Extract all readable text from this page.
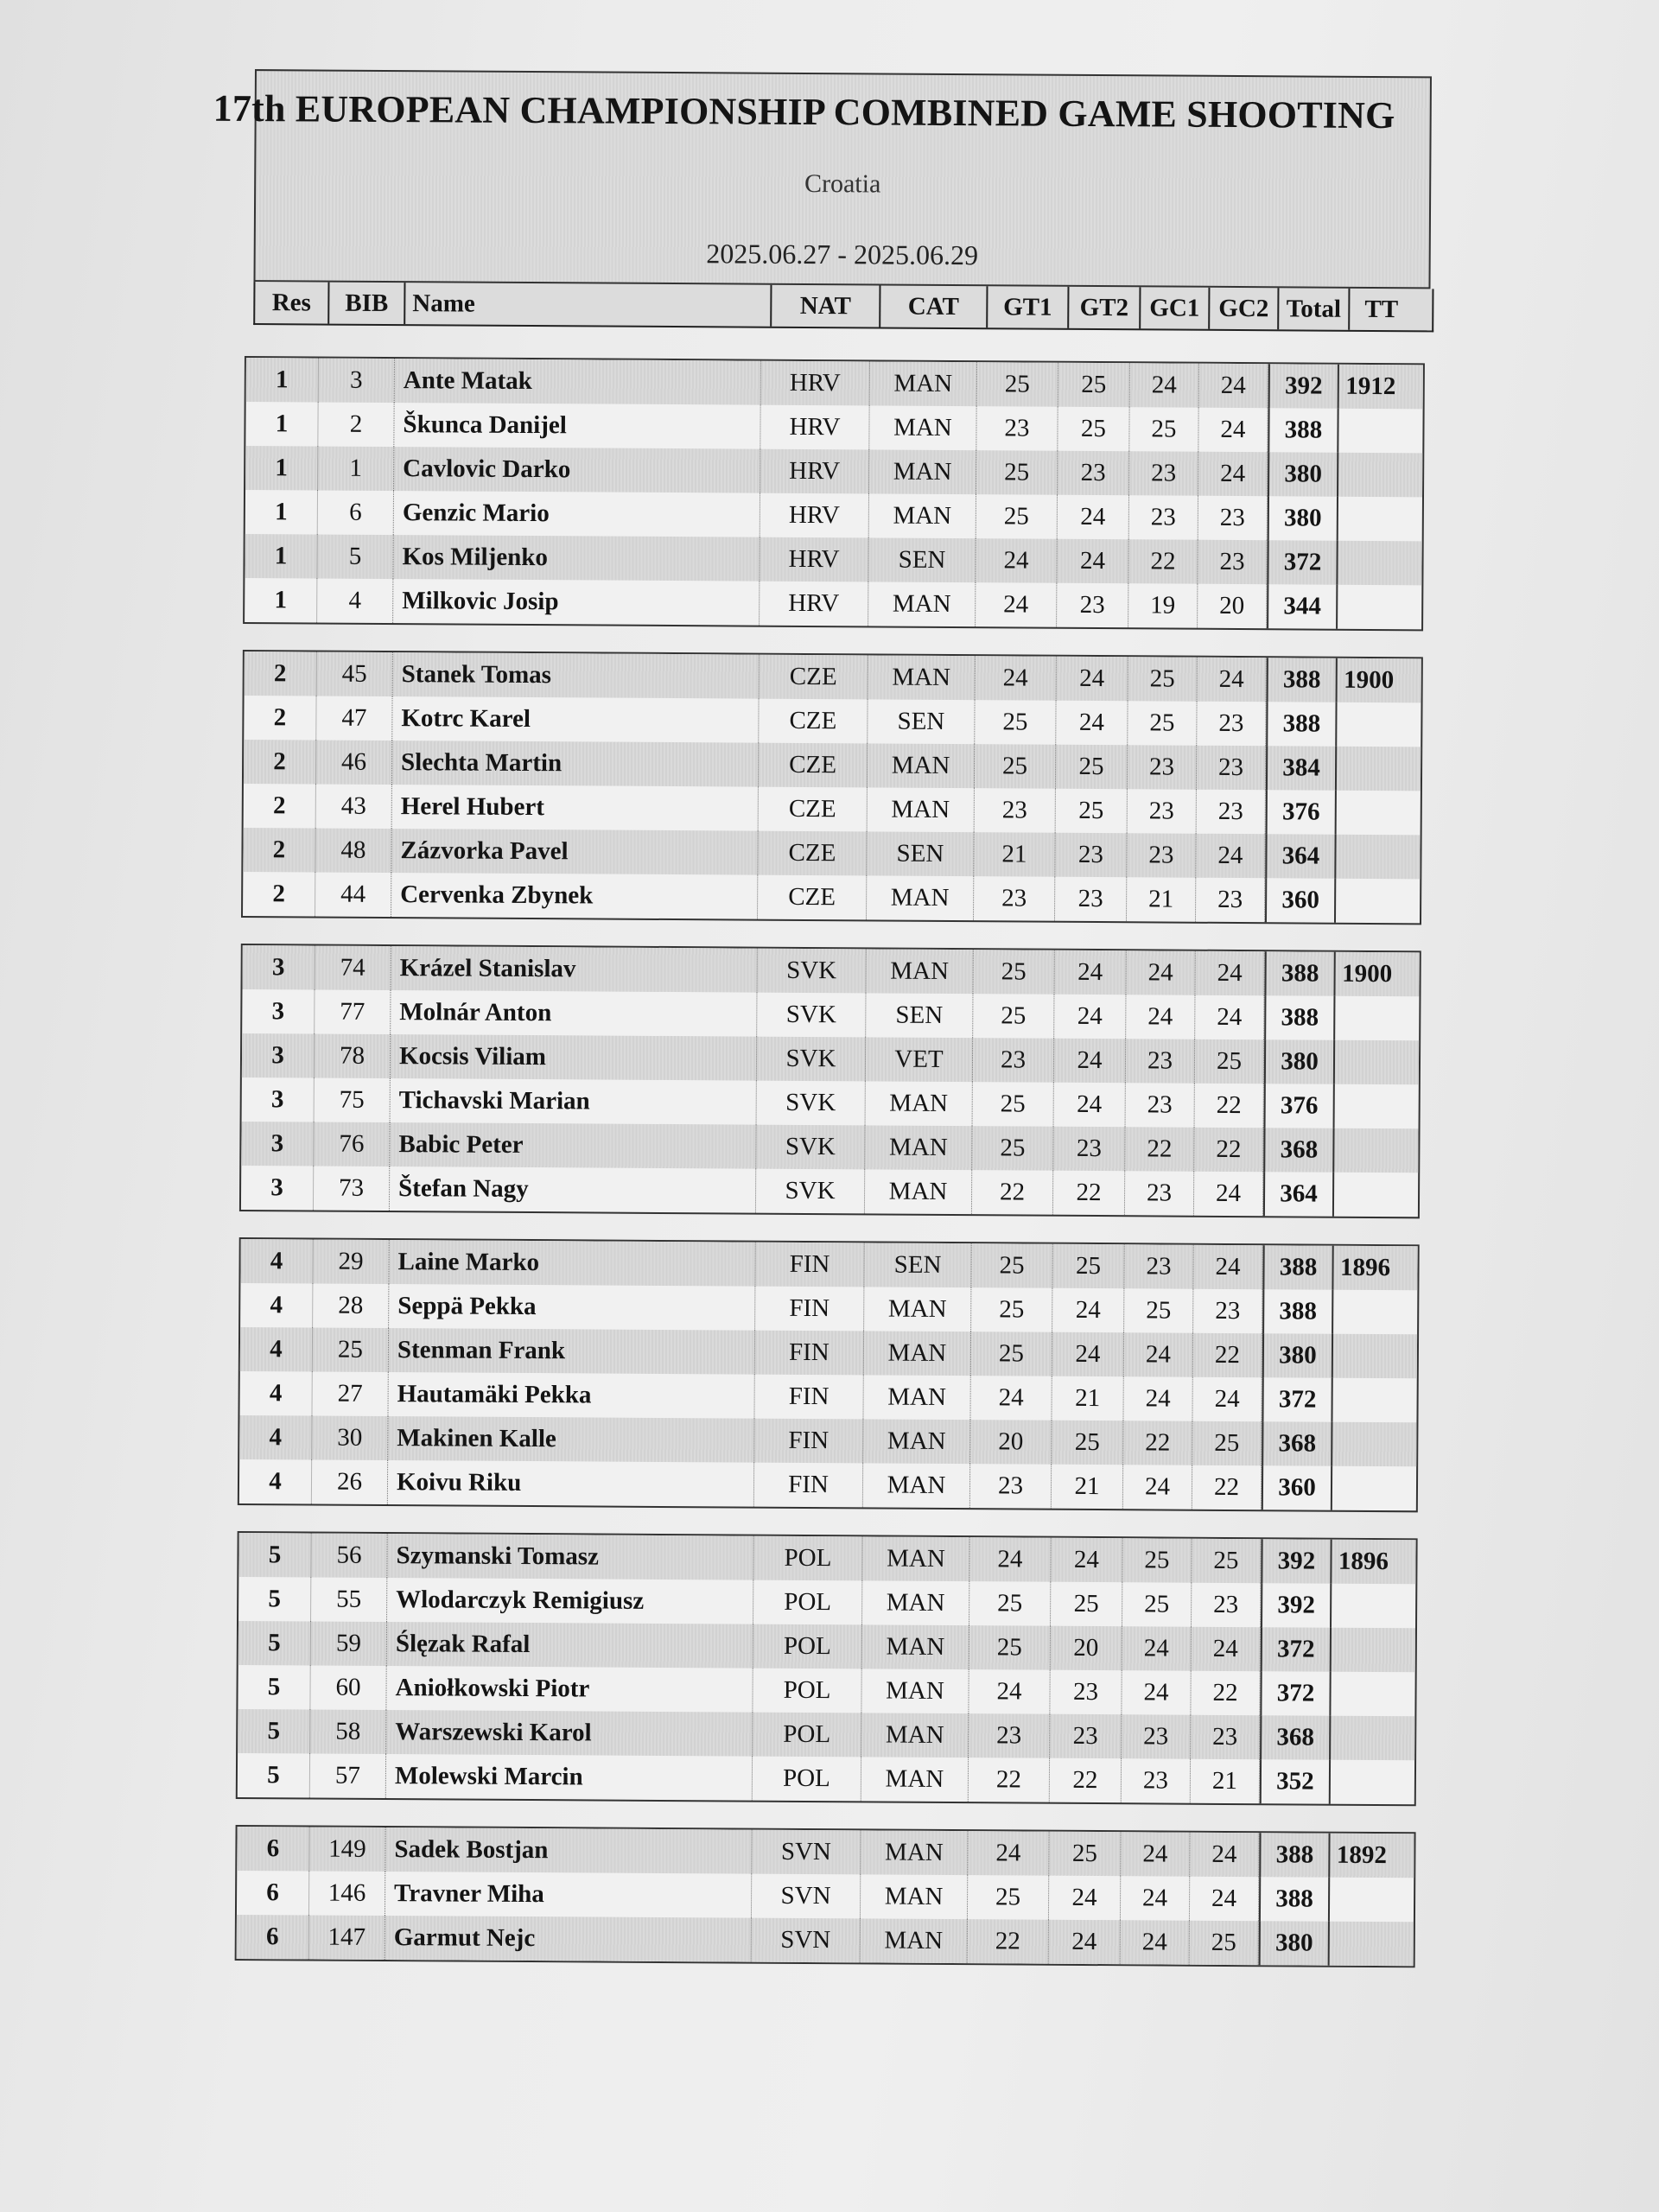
17th EUROPEAN CHAMPIONSHIP COMBINED GAME SHOOTING
Croatia
2025.06.27 - 2025.06.29
Res	BIB Name	NAT	CAT	GT1	GT2 GC1 GC2 Total TT
1	3	Ante Matak	HRV	MAN	25	25	24	24	392 1912
1	2	Škunca Danijel	HRV	MAN	23	25	25	24	388
1	1	Cavlovic Darko	HRV	MAN	25	23	23	24	380
1	6	Genzic Mario	HRV	MAN	25	24	23	23	380
1	5	Kos Miljenko	HRV	SEN	24	24	22	23	372
1	4	Milkovic Josip	HRV	MAN	24	23	19	20	344
2	45	Stanek Tomas	CZE	MAN	24	24	25	24	388 1900
2	47	Kotrc Karel	CZE	SEN	25	24	25	23	388
2	46	Slechta Martin	CZE	MAN	25	25	23	23	384
2	43	Herel Hubert	CZE	MAN	23	25	23	23	376
2	48	Zázvorka Pavel	CZE	SEN	21	23	23	24	364
2	44	Cervenka Zbynek	CZE	MAN	23	23	21	23	360
3	74	Krázel Stanislav	SVK	MAN	25	24	24	24	388 1900
3	77	Molnár Anton	SVK	SEN	25	24	24	24	388
3	78	Kocsis Viliam	SVK	VET	23	24	23	25	380
3	75	Tichavski Marian	SVK	MAN	25	24	23	22	376
3	76	Babic Peter	SVK	MAN	25	23	22	22	368
3	73	Štefan Nagy	SVK	MAN	22	22	23	24	364
4	29	Laine Marko	FIN	SEN	25	25	23	24	388 1896
4	28	Seppä Pekka	FIN	MAN	25	24	25	23	388
4	25	Stenman Frank	FIN	MAN	25	24	24	22	380
4	27	Hautamäki Pekka	FIN	MAN	24	21	24	24	372
4	30	Makinen Kalle	FIN	MAN	20	25	22	25	368
4	26	Koivu Riku	FIN	MAN	23	21	24	22	360
5	56	Szymanski Tomasz	POL	MAN	24	24	25	25	392 1896
5	55	Wlodarczyk Remigiusz	POL	MAN	25	25	25	23	392
5	59	Ślęzak Rafal	POL	MAN	25	20	24	24	372
5	60	Aniołkowski Piotr	POL	MAN	24	23	24	22	372
5	58	Warszewski Karol	POL	MAN	23	23	23	23	368
5	57	Molewski Marcin	POL	MAN	22	22	23	21	352
6	149	Sadek Bostjan	SVN	MAN	24	25	24	24	388 1892
6	146	Travner Miha	SVN	MAN	25	24	24	24	388
6	147	Garmut Nejc	SVN	MAN	22	24	24	25	380
